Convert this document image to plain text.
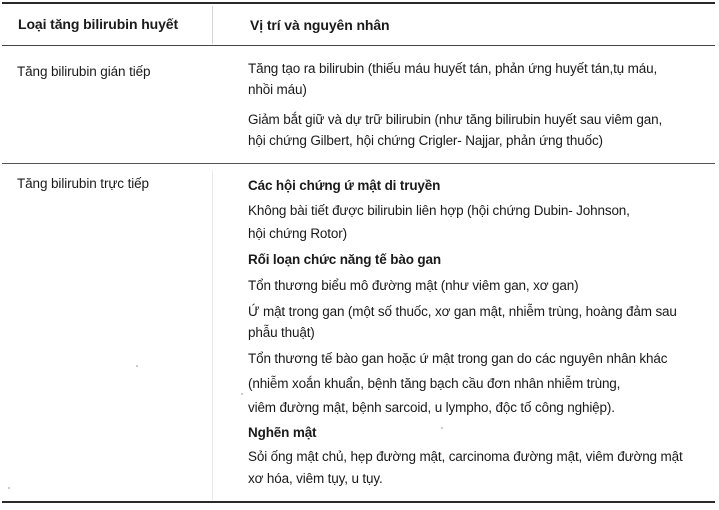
Loại tăng bilirubin huyết	Vị trí và nguyên nhân
Tăng bilirubin gián tiếp	Tăng tạo ra bilirubin (thiếu máu huyết tán, phản ứng huyết tán,tụ máu,
nhồi máu)
Giảm bắt giữ và dự trữ bilirubin (như tăng bilirubin huyết sau viêm gan,
hội chứng Gilbert, hội chứng Crigler- Najjar, phản ứng thuốc)
Tăng bilirubin trực tiếp	Các hội chứng ứ mật di truyền
Không bài tiết được bilirubin liên hợp (hội chứng Dubin- Johnson,
hội chứng Rotor)
Rối loạn chức năng tế bào gan
Tổn thương biểu mô đường mật (như viêm gan, xơ gan)
Ứ mật trong gan (một số thuốc, xơ gan mật, nhiễm trùng, hoàng đảm sau
phẫu thuật)
Tổn thương tế bào gan hoặc ứ mật trong gan do các nguyên nhân khác
(nhiễm xoắn khuẩn, bệnh tăng bạch cầu đơn nhân nhiễm trùng,
viêm đường mật, bệnh sarcoid, u lympho, độc tố công nghiệp).
Nghẽn mật
Sỏi ống mật chủ, hẹp đường mật, carcinoma đường mật, viêm đường mật
xơ hóa, viêm tụy, u tụy.
